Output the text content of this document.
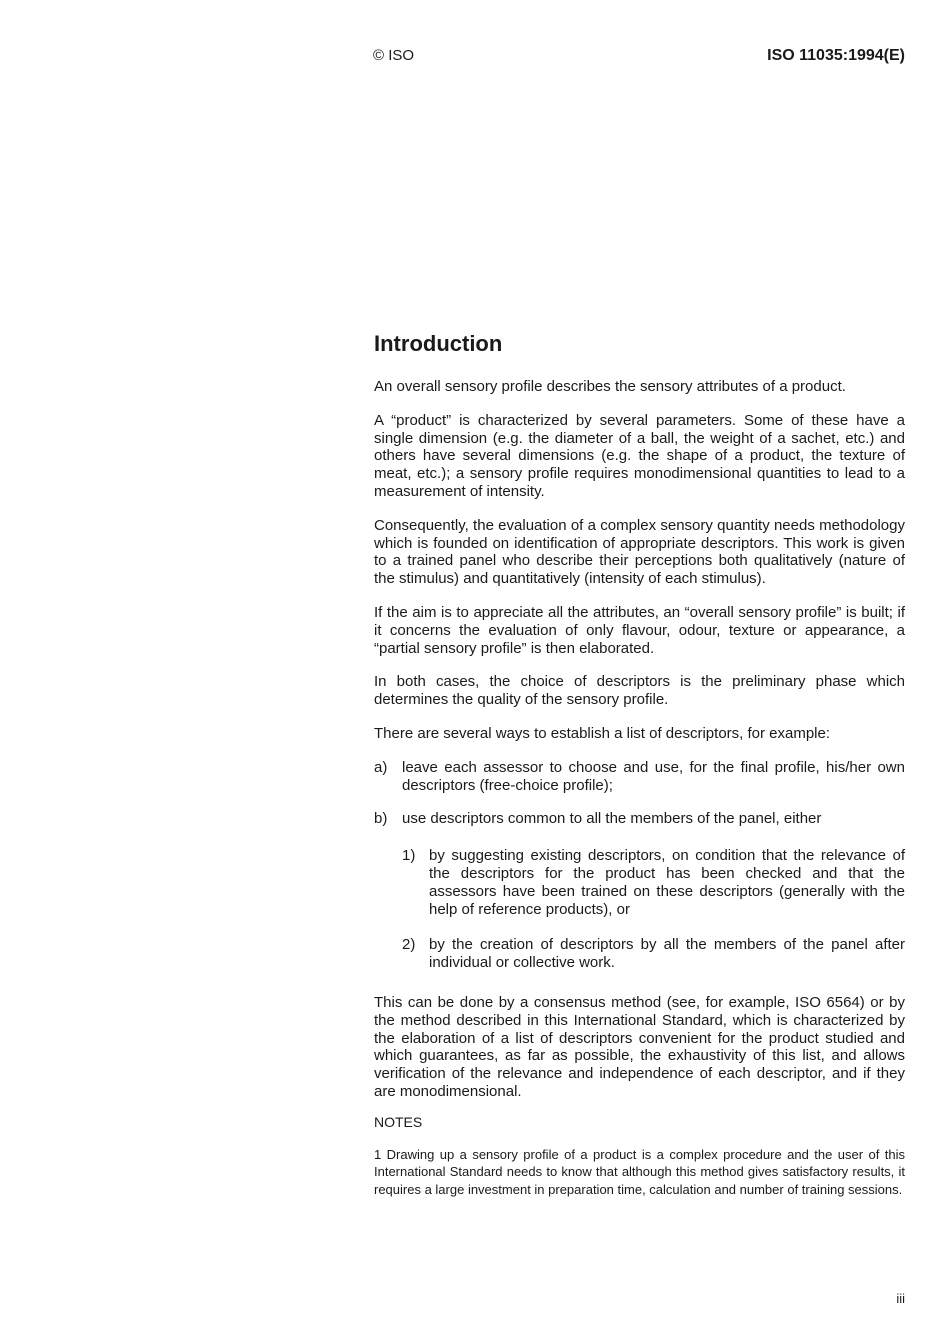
© ISO	ISO 11035:1994(E)
Introduction

An overall sensory profile describes the sensory attributes of a product.

A “product” is characterized by several parameters. Some of these have a single dimension (e.g. the diameter of a ball, the weight of a sachet, etc.) and others have several dimensions (e.g. the shape of a product, the texture of meat, etc.); a sensory profile requires monodimensional quantities to lead to a measurement of intensity.

Consequently, the evaluation of a complex sensory quantity needs methodology which is founded on identification of appropriate descriptors. This work is given to a trained panel who describe their perceptions both qualitatively (nature of the stimulus) and quantitatively (intensity of each stimulus).

If the aim is to appreciate all the attributes, an “overall sensory profile” is built; if it concerns the evaluation of only flavour, odour, texture or appearance, a “partial sensory profile” is then elaborated.

In both cases, the choice of descriptors is the preliminary phase which determines the quality of the sensory profile.

There are several ways to establish a list of descriptors, for example:

a) leave each assessor to choose and use, for the final profile, his/her own descriptors (free-choice profile);
b) use descriptors common to all the members of the panel, either
1) by suggesting existing descriptors, on condition that the relevance of the descriptors for the product has been checked and that the assessors have been trained on these descriptors (generally with the help of reference products), or
2) by the creation of descriptors by all the members of the panel after individual or collective work.

This can be done by a consensus method (see, for example, ISO 6564) or by the method described in this International Standard, which is characterized by the elaboration of a list of descriptors convenient for the product studied and which guarantees, as far as possible, the exhaustivity of this list, and allows verification of the relevance and independence of each descriptor, and if they are monodimensional.

NOTES
1 Drawing up a sensory profile of a product is a complex procedure and the user of this International Standard needs to know that although this method gives satisfactory results, it requires a large investment in preparation time, calculation and number of training sessions.
iii
